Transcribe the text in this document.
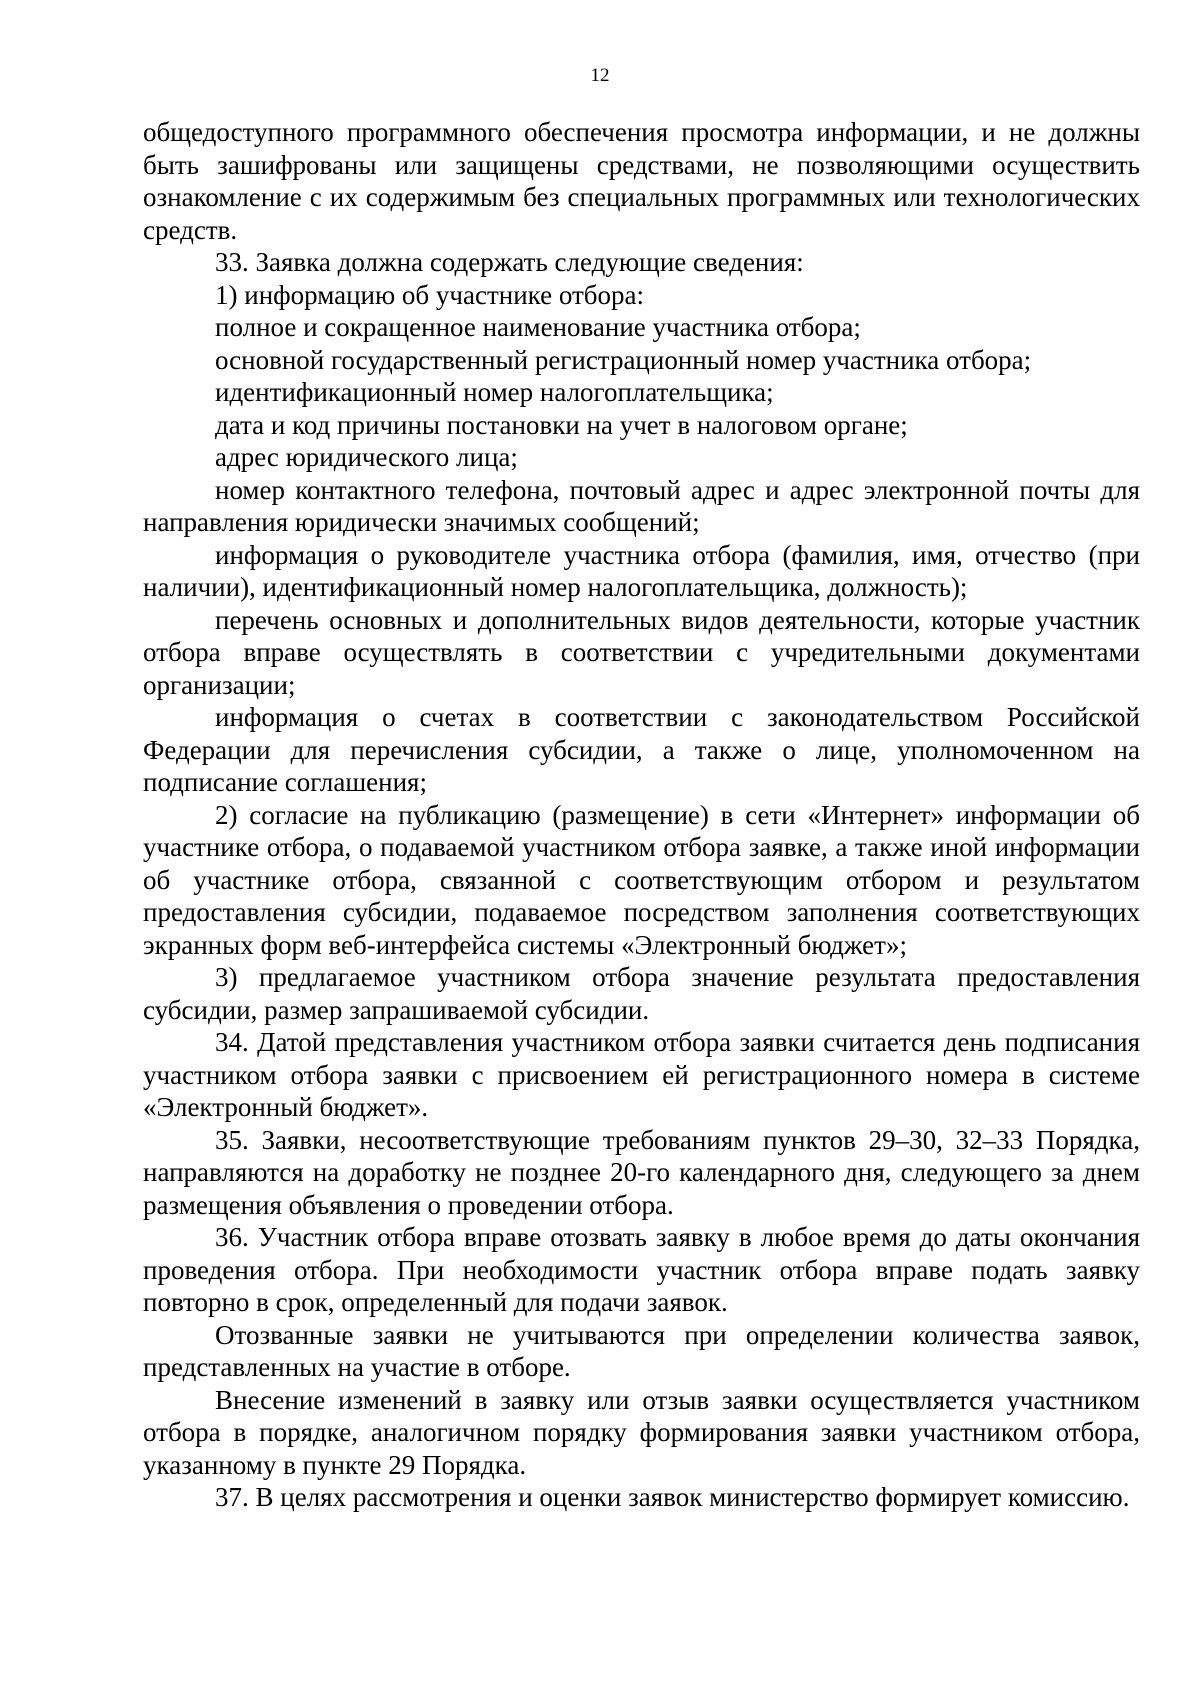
12

общедоступного программного обеспечения просмотра информации, и не должны быть зашифрованы или защищены средствами, не позволяющими осуществить ознакомление с их содержимым без специальных программных или технологических средств.

33. Заявка должна содержать следующие сведения:

1) информацию об участнике отбора:

полное и сокращенное наименование участника отбора;

основной государственный регистрационный номер участника отбора;

идентификационный номер налогоплательщика;

дата и код причины постановки на учет в налоговом органе;

адрес юридического лица;

номер контактного телефона, почтовый адрес и адрес электронной почты для направления юридически значимых сообщений;

информация о руководителе участника отбора (фамилия, имя, отчество (при наличии), идентификационный номер налогоплательщика, должность);

перечень основных и дополнительных видов деятельности, которые участник отбора вправе осуществлять в соответствии с учредительными документами организации;

информация о счетах в соответствии с законодательством Российской Федерации для перечисления субсидии, а также о лице, уполномоченном на подписание соглашения;

2) согласие на публикацию (размещение) в сети «Интернет» информации об участнике отбора, о подаваемой участником отбора заявке, а также иной информации об участнике отбора, связанной с соответствующим отбором и результатом предоставления субсидии, подаваемое посредством заполнения соответствующих экранных форм веб-интерфейса системы «Электронный бюджет»;

3) предлагаемое участником отбора значение результата предоставления субсидии, размер запрашиваемой субсидии.

34. Датой представления участником отбора заявки считается день подписания участником отбора заявки с присвоением ей регистрационного номера в системе «Электронный бюджет».

35. Заявки, несоответствующие требованиям пунктов 29–30, 32–33 Порядка, направляются на доработку не позднее 20-го календарного дня, следующего за днем размещения объявления о проведении отбора.

36. Участник отбора вправе отозвать заявку в любое время до даты окончания проведения отбора. При необходимости участник отбора вправе подать заявку повторно в срок, определенный для подачи заявок.

Отозванные заявки не учитываются при определении количества заявок, представленных на участие в отборе.

Внесение изменений в заявку или отзыв заявки осуществляется участником отбора в порядке, аналогичном порядку формирования заявки участником отбора, указанному в пункте 29 Порядка.

37. В целях рассмотрения и оценки заявок министерство формирует комиссию.
